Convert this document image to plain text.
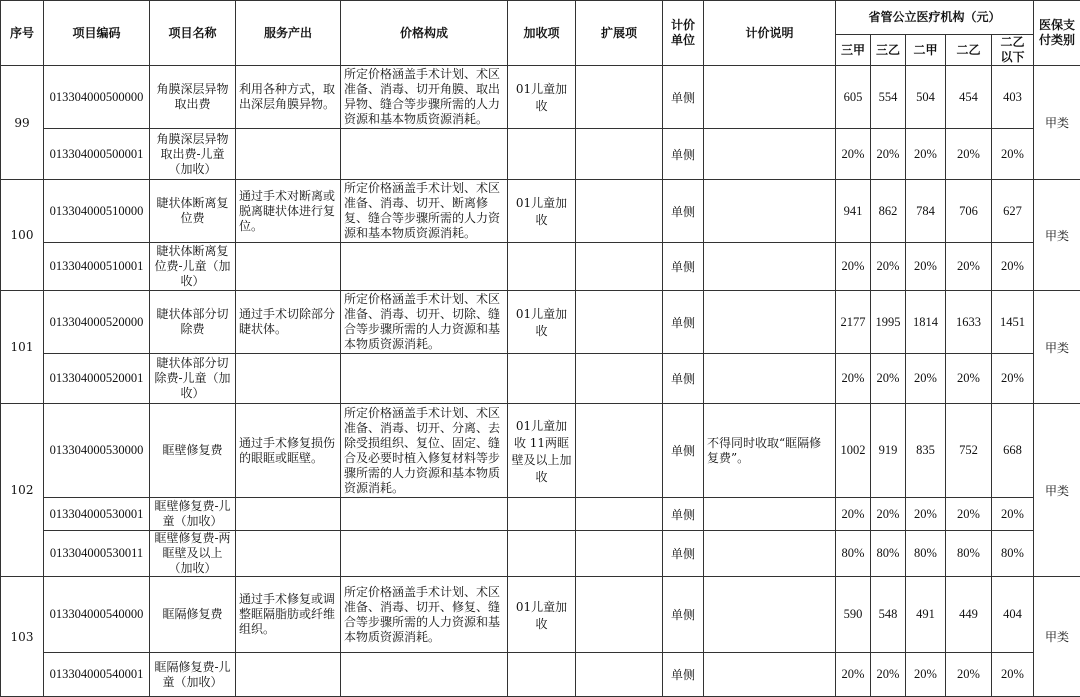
序号	项目编码	项目名称	服务产出	价格构成	加收项	扩展项	计价单位	计价说明	省管公立医疗机构（元）					医保支付类别
									三甲	三乙	二甲	二乙	二乙以下	
99	013304000500000	角膜深层异物取出费	利用各种方式，取出深层角膜异物。	所定价格涵盖手术计划、术区准备、消毒、切开角膜、取出异物、缝合等步骤所需的人力资源和基本物质资源消耗。	01儿童加收		单侧		605	554	504	454	403	甲类
	013304000500001	角膜深层异物取出费-儿童（加收）					单侧		20%	20%	20%	20%	20%	
100	013304000510000	睫状体断离复位费	通过手术对断离或脱离睫状体进行复位。	所定价格涵盖手术计划、术区准备、消毒、切开、断离修复、缝合等步骤所需的人力资源和基本物质资源消耗。	01儿童加收		单侧		941	862	784	706	627	甲类
	013304000510001	睫状体断离复位费-儿童（加收）					单侧		20%	20%	20%	20%	20%	
101	013304000520000	睫状体部分切除费	通过手术切除部分睫状体。	所定价格涵盖手术计划、术区准备、消毒、切开、切除、缝合等步骤所需的人力资源和基本物质资源消耗。	01儿童加收		单侧		2177	1995	1814	1633	1451	甲类
	013304000520001	睫状体部分切除费-儿童（加收）					单侧		20%	20%	20%	20%	20%	
102	013304000530000	眶壁修复费	通过手术修复损伤的眼眶或眶壁。	所定价格涵盖手术计划、术区准备、消毒、切开、分离、去除受损组织、复位、固定、缝合及必要时植入修复材料等步骤所需的人力资源和基本物质资源消耗。	01儿童加收 11两眶壁及以上加收		单侧	不得同时收取“眶隔修复费”。	1002	919	835	752	668	甲类
	013304000530001	眶壁修复费-儿童（加收）					单侧		20%	20%	20%	20%	20%	
	013304000530011	眶壁修复费-两眶壁及以上（加收）					单侧		80%	80%	80%	80%	80%	
103	013304000540000	眶隔修复费	通过手术修复或调整眶隔脂肪或纤维组织。	所定价格涵盖手术计划、术区准备、消毒、切开、修复、缝合等步骤所需的人力资源和基本物质资源消耗。	01儿童加收		单侧		590	548	491	449	404	甲类
	013304000540001	眶隔修复费-儿童（加收）					单侧		20%	20%	20%	20%	20%	
